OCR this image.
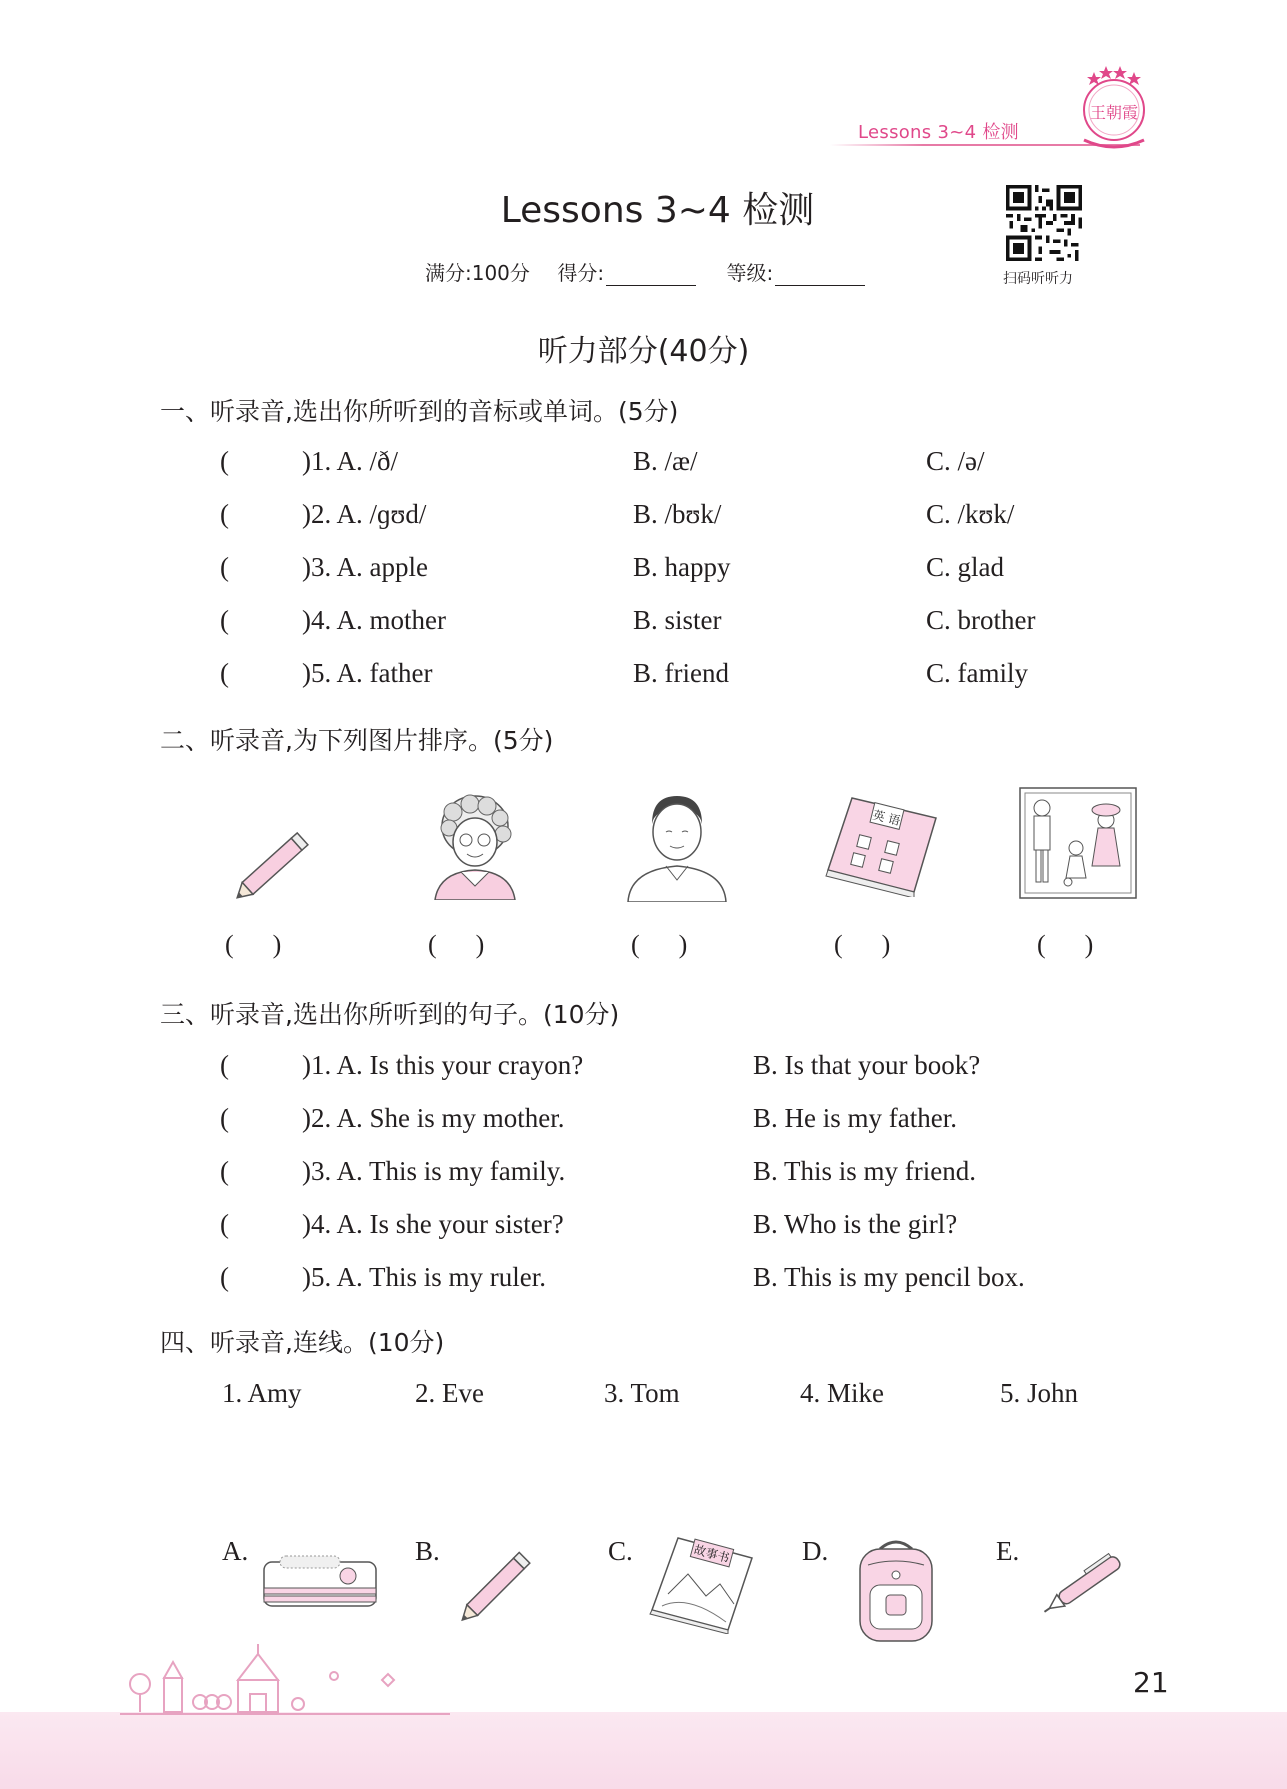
Lessons 3~4 检测
王朝霞
Lessons 3~4 检测
满分:100分 得分:	等级:	扫码听听力
听力部分(40分)
一、听录音,选出你所听到的音标或单词。(5分)
(	)1. A. /ð/	B. /æ/	C. /ə/
(	)2. A. /ɡʊd/	B. /bʊk/	C. /kʊk/
(	)3. A. apple	B. happy	C. glad
(	)4. A. mother	B. sister	C. brother
(	)5. A. father	B. friend	C. family
二、听录音,为下列图片排序。(5分)
英 语
(      )	(      )	(      )	(      )	(      )
三、听录音,选出你所听到的句子。(10分)
(	)1. A. Is this your crayon?	B. Is that your book?
(	)2. A. She is my mother.	B. He is my father.
(	)3. A. This is my family.	B. This is my friend.
(	)4. A. Is she your sister?	B. Who is the girl?
(	)5. A. This is my ruler.	B. This is my pencil box.
四、听录音,连线。(10分)
1. Amy	2. Eve	3. Tom	4. Mike	5. John
A.	B.	C.	D.	E.
故事书
21
